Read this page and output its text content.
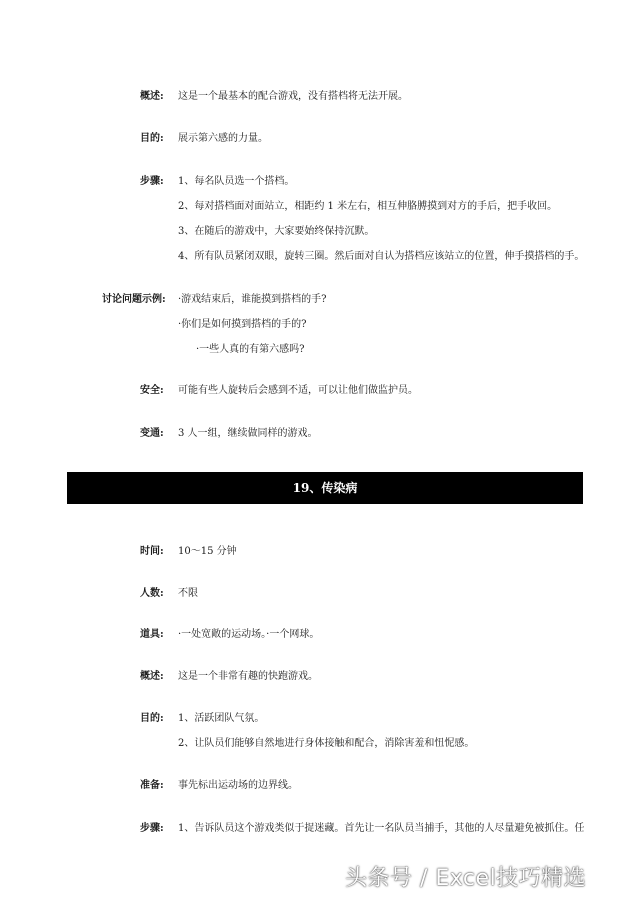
概述: 这是一个最基本的配合游戏，没有搭档将无法开展。
目的: 展示第六感的力量。
步骤: 1、每名队员选一个搭档。
2、每对搭档面对面站立，相距约 1 米左右，相互伸胳膊摸到对方的手后，把手收回。
3、在随后的游戏中，大家要始终保持沉默。
4、所有队员紧闭双眼，旋转三圈。然后面对自认为搭档应该站立的位置，伸手摸搭档的手。
讨论问题示例: ·游戏结束后，谁能摸到搭档的手?
·你们是如何摸到搭档的手的?
·一些人真的有第六感吗?
安全: 可能有些人旋转后会感到不适，可以让他们做监护员。
变通: 3 人一组，继续做同样的游戏。
19、传染病
时间: 10～15 分钟
人数: 不限
道具: ·一处宽敞的运动场。·一个网球。
概述: 这是一个非常有趣的快跑游戏。
目的: 1、活跃团队气氛。
2、让队员们能够自然地进行身体接触和配合，消除害羞和忸怩感。
准备: 事先标出运动场的边界线。
步骤: 1、告诉队员这个游戏类似于捉迷藏。首先让一名队员当捕手，其他的人尽量避免被抓住。任
头条号 / Excel技巧精选
